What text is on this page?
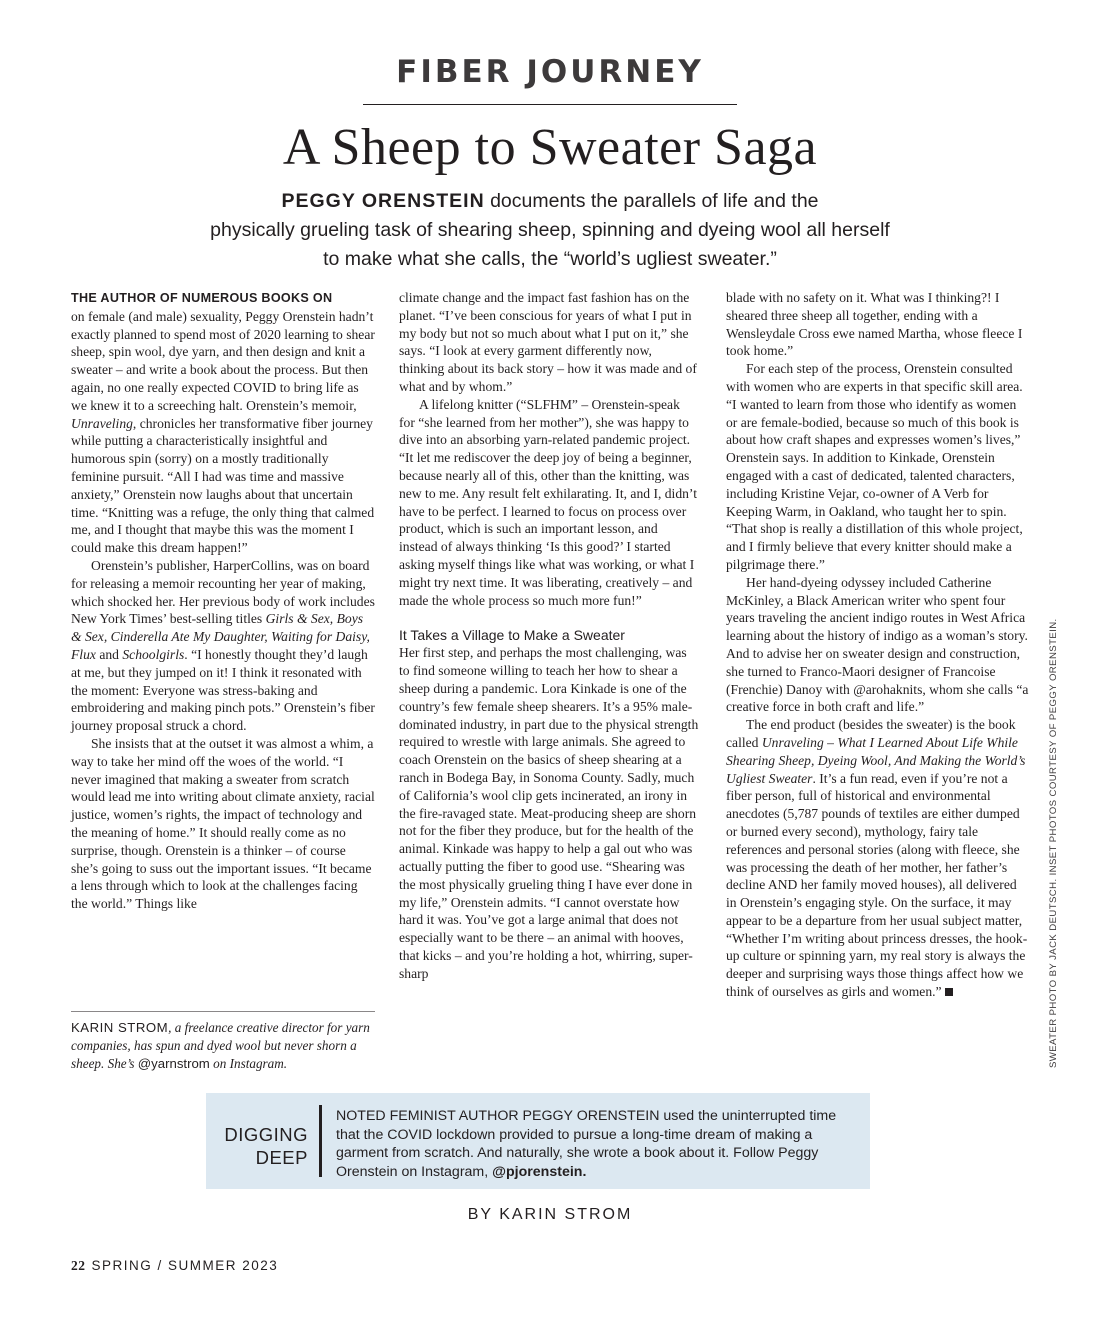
FIBER JOURNEY
A Sheep to Sweater Saga
PEGGY ORENSTEIN documents the parallels of life and the
physically grueling task of shearing sheep, spinning and dyeing wool all herself
to make what she calls, the “world’s ugliest sweater.”

THE AUTHOR OF NUMEROUS BOOKS ON
on female (and male) sexuality, Peggy Orenstein hadn’t exactly planned to spend most of 2020 learning to shear sheep, spin wool, dye yarn, and then design and knit a sweater – and write a book about the process. But then again, no one really expected COVID to bring life as we knew it to a screeching halt. Orenstein’s memoir, Unraveling, chronicles her transformative fiber journey while putting a characteristically insightful and humorous spin (sorry) on a mostly traditionally feminine pursuit. “All I had was time and massive anxiety,” Orenstein now laughs about that uncertain time. “Knitting was a refuge, the only thing that calmed me, and I thought that maybe this was the moment I could make this dream happen!”

Orenstein’s publisher, HarperCollins, was on board for releasing a memoir recounting her year of making, which shocked her. Her previous body of work includes New York Times’ best-selling titles Girls & Sex, Boys & Sex, Cinderella Ate My Daughter, Waiting for Daisy, Flux and Schoolgirls. “I honestly thought they’d laugh at me, but they jumped on it! I think it resonated with the moment: Everyone was stress-baking and embroidering and making pinch pots.” Orenstein’s fiber journey proposal struck a chord.

She insists that at the outset it was almost a whim, a way to take her mind off the woes of the world. “I never imagined that making a sweater from scratch would lead me into writing about climate anxiety, racial justice, women’s rights, the impact of technology and the meaning of home.” It should really come as no surprise, though. Orenstein is a thinker – of course she’s going to suss out the important issues. “It became a lens through which to look at the challenges facing the world.” Things like

KARIN STROM, a freelance creative director for yarn companies, has spun and dyed wool but never shorn a sheep. She’s @yarnstrom on Instagram.

climate change and the impact fast fashion has on the planet. “I’ve been conscious for years of what I put in my body but not so much about what I put on it,” she says. “I look at every garment differently now, thinking about its back story – how it was made and of what and by whom.”

A lifelong knitter (“SLFHM” – Orenstein-speak for “she learned from her mother”), she was happy to dive into an absorbing yarn-related pandemic project. “It let me rediscover the deep joy of being a beginner, because nearly all of this, other than the knitting, was new to me. Any result felt exhilarating. It, and I, didn’t have to be perfect. I learned to focus on process over product, which is such an important lesson, and instead of always thinking ‘Is this good?’ I started asking myself things like what was working, or what I might try next time. It was liberating, creatively – and made the whole process so much more fun!”

It Takes a Village to Make a Sweater

Her first step, and perhaps the most challenging, was to find someone willing to teach her how to shear a sheep during a pandemic. Lora Kinkade is one of the country’s few female sheep shearers. It’s a 95% male-dominated industry, in part due to the physical strength required to wrestle with large animals. She agreed to coach Orenstein on the basics of sheep shearing at a ranch in Bodega Bay, in Sonoma County. Sadly, much of California’s wool clip gets incinerated, an irony in the fire-ravaged state. Meat-producing sheep are shorn not for the fiber they produce, but for the health of the animal. Kinkade was happy to help a gal out who was actually putting the fiber to good use. “Shearing was the most physically grueling thing I have ever done in my life,” Orenstein admits. “I cannot overstate how hard it was. You’ve got a large animal that does not especially want to be there – an animal with hooves, that kicks – and you’re holding a hot, whirring, super-sharp

blade with no safety on it. What was I thinking?! I sheared three sheep all together, ending with a Wensleydale Cross ewe named Martha, whose fleece I took home.”

For each step of the process, Orenstein consulted with women who are experts in that specific skill area. “I wanted to learn from those who identify as women or are female-bodied, because so much of this book is about how craft shapes and expresses women’s lives,” Orenstein says. In addition to Kinkade, Orenstein engaged with a cast of dedicated, talented characters, including Kristine Vejar, co-owner of A Verb for Keeping Warm, in Oakland, who taught her to spin. “That shop is really a distillation of this whole project, and I firmly believe that every knitter should make a pilgrimage there.”

Her hand-dyeing odyssey included Catherine McKinley, a Black American writer who spent four years traveling the ancient indigo routes in West Africa learning about the history of indigo as a woman’s story. And to advise her on sweater design and construction, she turned to Franco-Maori designer of Francoise (Frenchie) Danoy with @arohaknits, whom she calls “a creative force in both craft and life.”

The end product (besides the sweater) is the book called Unraveling – What I Learned About Life While Shearing Sheep, Dyeing Wool, And Making the World’s Ugliest Sweater. It’s a fun read, even if you’re not a fiber person, full of historical and environmental anecdotes (5,787 pounds of textiles are either dumped or burned every second), mythology, fairy tale references and personal stories (along with fleece, she was processing the death of her mother, her father’s decline AND her family moved houses), all delivered in Orenstein’s engaging style. On the surface, it may appear to be a departure from her usual subject matter, “Whether I’m writing about princess dresses, the hook-up culture or spinning yarn, my real story is always the deeper and surprising ways those things affect how we think of ourselves as girls and women.”	SWEATER PHOTO BY JACK DEUTSCH. INSET PHOTOS COURTESY OF PEGGY ORENSTEIN.
DIGGING
DEEP
NOTED FEMINIST AUTHOR PEGGY ORENSTEIN used the uninterrupted time that the COVID lockdown provided to pursue a long-time dream of making a garment from scratch. And naturally, she wrote a book about it. Follow Peggy Orenstein on Instagram, @pjorenstein.
BY KARIN STROM
22 SPRING / SUMMER 2023
